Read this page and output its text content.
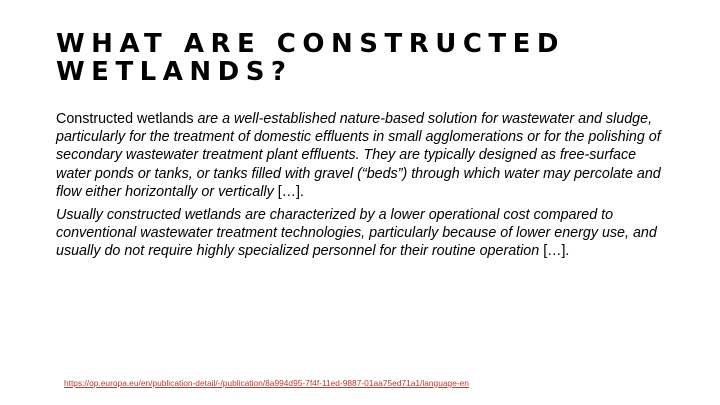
WHAT ARE CONSTRUCTED
WETLANDS?

Constructed wetlands are a well-established nature-based solution for wastewater and sludge, particularly for the treatment of domestic effluents in small agglomerations or for the polishing of secondary wastewater treatment plant effluents. They are typically designed as free-surface water ponds or tanks, or tanks filled with gravel (“beds”) through which water may percolate and flow either horizontally or vertically […].

Usually constructed wetlands are characterized by a lower operational cost compared to conventional wastewater treatment technologies, particularly because of lower energy use, and usually do not require highly specialized personnel for their routine operation […].

https://op.europa.eu/en/publication-detail/-/publication/8a994d95-7f4f-11ed-9887-01aa75ed71a1/language-en
